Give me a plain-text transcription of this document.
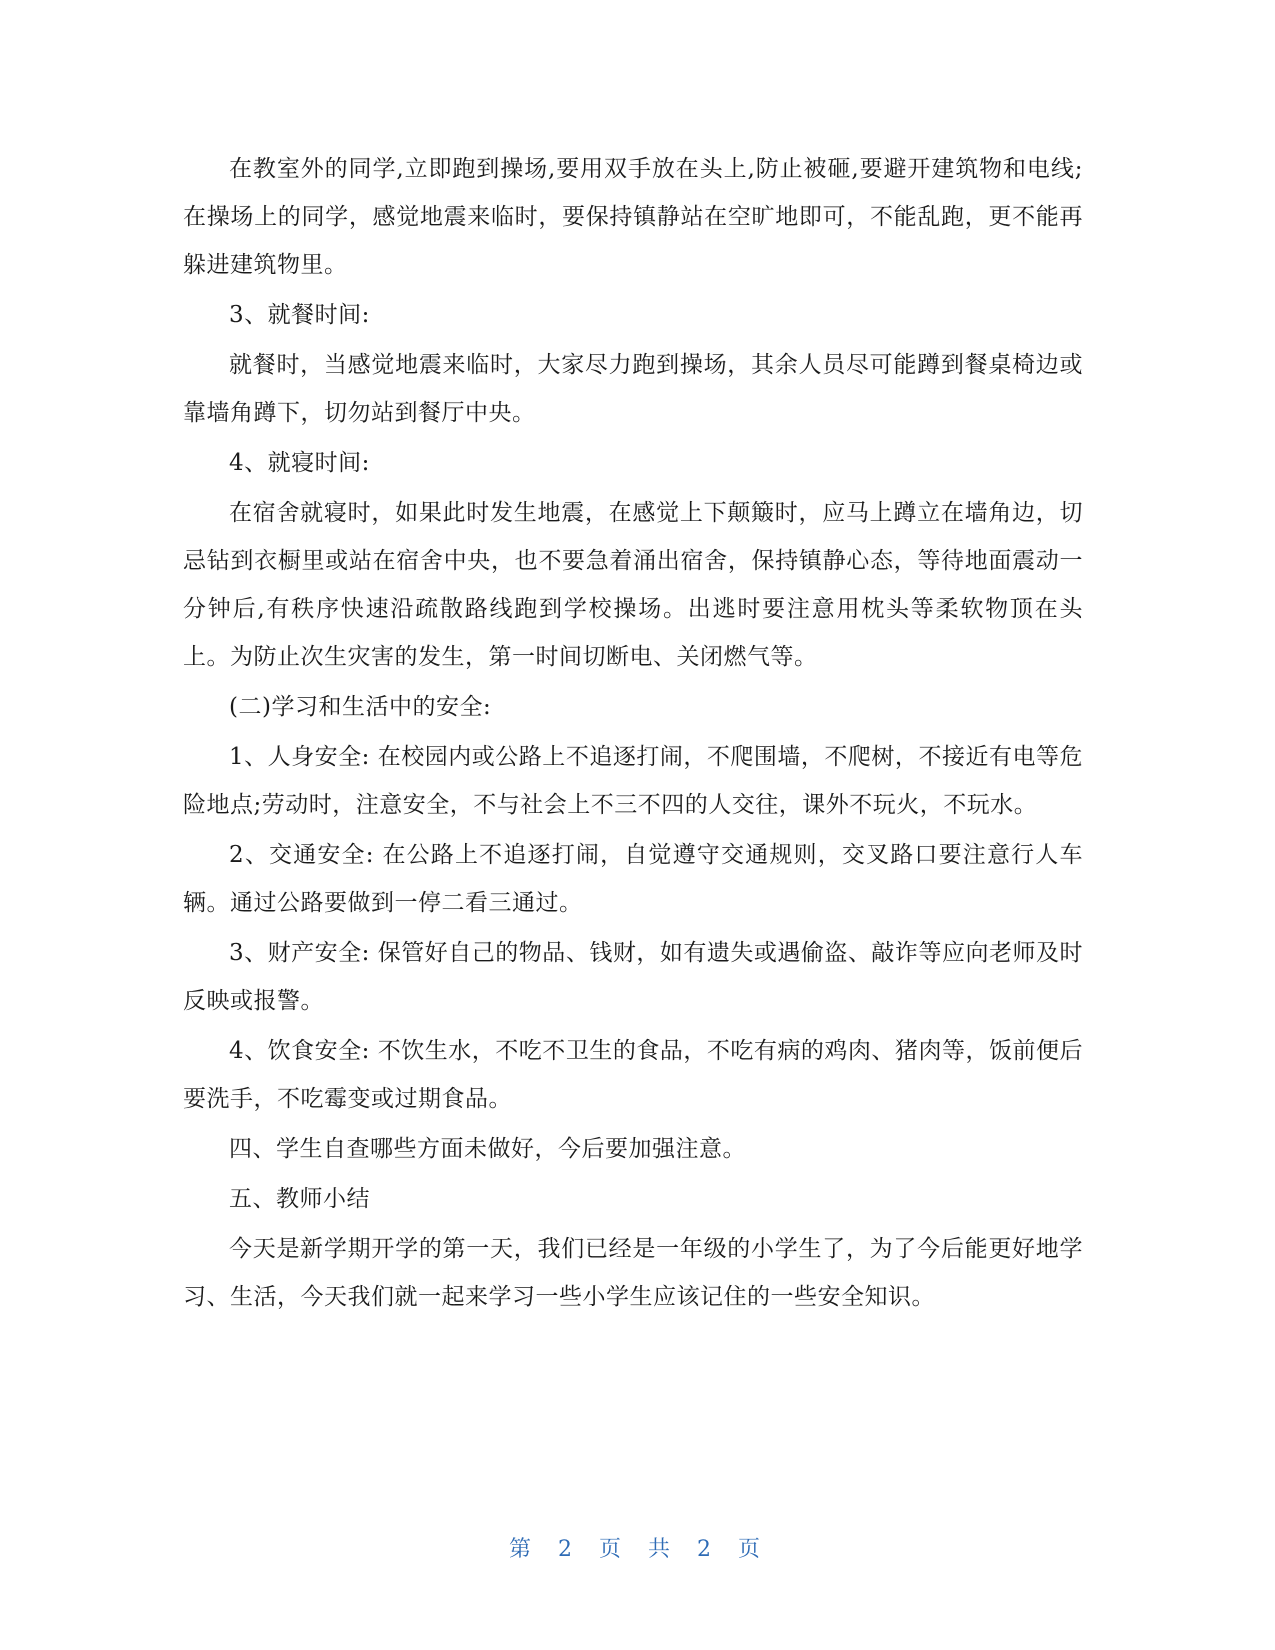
在教室外的同学,立即跑到操场,要用双手放在头上,防止被砸,要避开建筑物和电线;在操场上的同学，感觉地震来临时，要保持镇静站在空旷地即可，不能乱跑，更不能再躲进建筑物里。

3、就餐时间:

就餐时，当感觉地震来临时，大家尽力跑到操场，其余人员尽可能蹲到餐桌椅边或靠墙角蹲下，切勿站到餐厅中央。

4、就寝时间:

在宿舍就寝时，如果此时发生地震，在感觉上下颠簸时，应马上蹲立在墙角边，切忌钻到衣橱里或站在宿舍中央，也不要急着涌出宿舍，保持镇静心态，等待地面震动一分钟后,有秩序快速沿疏散路线跑到学校操场。出逃时要注意用枕头等柔软物顶在头上。为防止次生灾害的发生，第一时间切断电、关闭燃气等。

(二)学习和生活中的安全:

1、人身安全: 在校园内或公路上不追逐打闹，不爬围墙，不爬树，不接近有电等危险地点;劳动时，注意安全，不与社会上不三不四的人交往，课外不玩火，不玩水。

2、交通安全: 在公路上不追逐打闹，自觉遵守交通规则，交叉路口要注意行人车辆。通过公路要做到一停二看三通过。

3、财产安全: 保管好自己的物品、钱财，如有遗失或遇偷盗、敲诈等应向老师及时反映或报警。

4、饮食安全: 不饮生水，不吃不卫生的食品，不吃有病的鸡肉、猪肉等，饭前便后要洗手，不吃霉变或过期食品。

四、学生自查哪些方面未做好，今后要加强注意。

五、教师小结

今天是新学期开学的第一天，我们已经是一年级的小学生了，为了今后能更好地学习、生活，今天我们就一起来学习一些小学生应该记住的一些安全知识。

第 2 页 共 2 页
